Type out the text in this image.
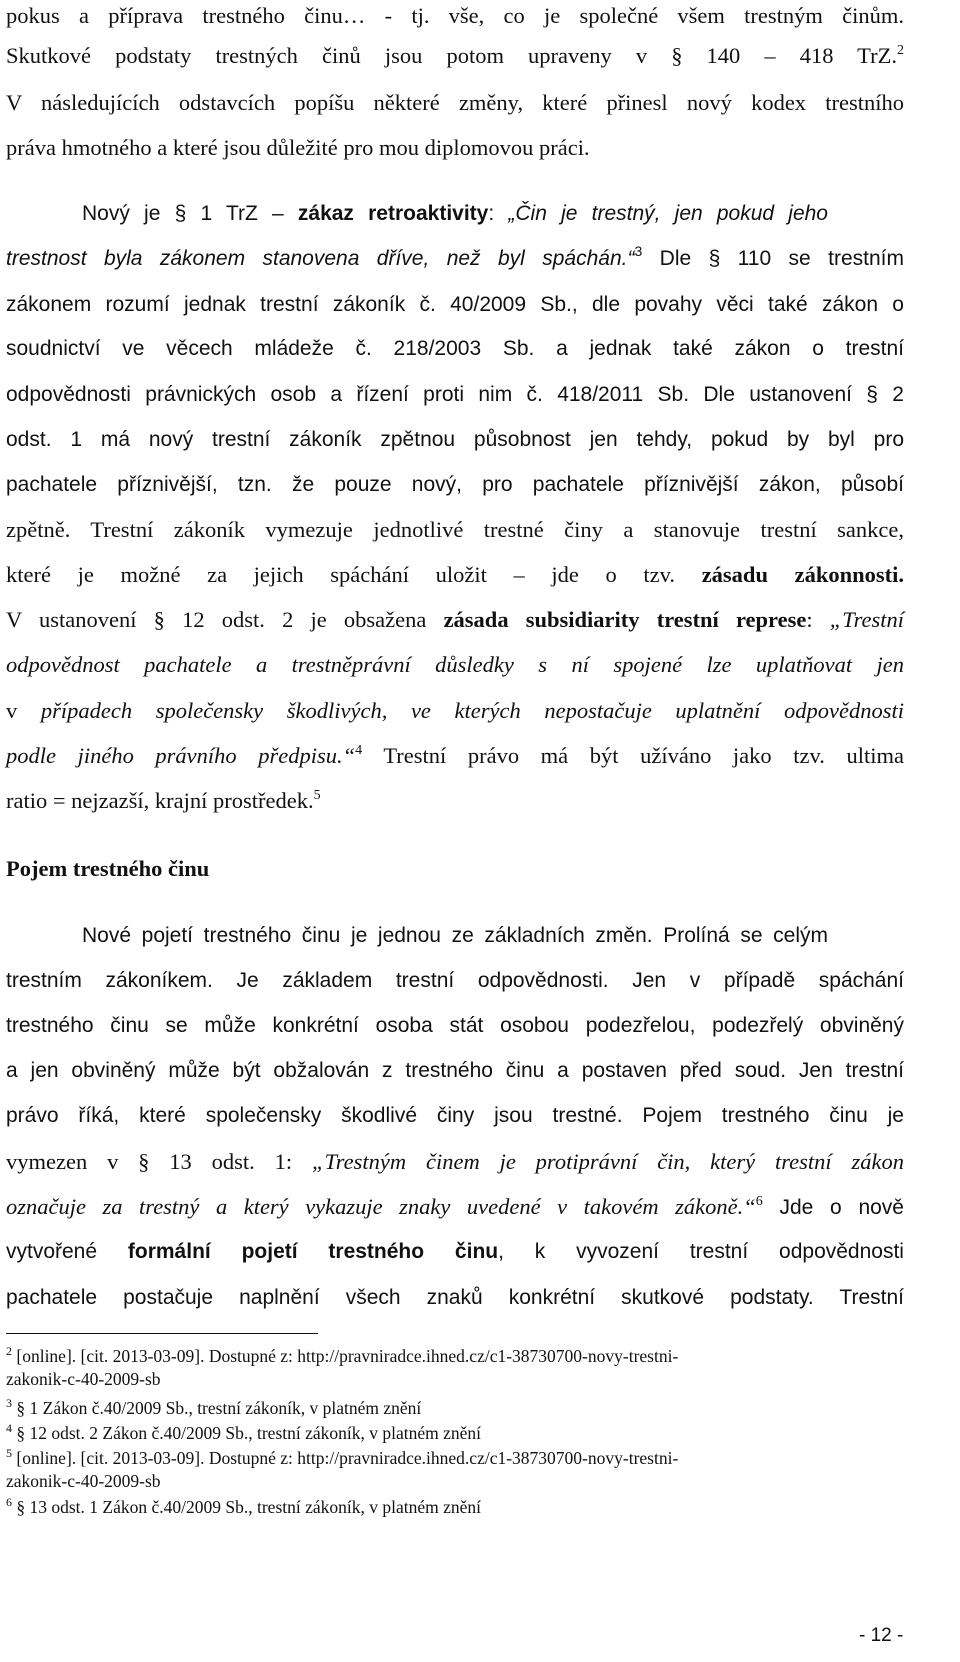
pokus a příprava trestného činu… - tj. vše, co je společné všem trestným činům.
Skutkové podstaty trestných činů jsou potom upraveny v § 140 – 418 TrZ.$^2$
V následujících odstavcích popíšu některé změny, které přinesl nový kodex trestního
práva hmotného a které jsou důležité pro mou diplomovou práci.
Nový je § 1 TrZ – zákaz retroaktivity: „Čin je trestný, jen pokud jeho
trestnost byla zákonem stanovena dříve, než byl spáchán.“$^3$ Dle § 110 se trestním
zákonem rozumí jednak trestní zákoník č. 40/2009 Sb., dle povahy věci také zákon o
soudnictví ve věcech mládeže č. 218/2003 Sb. a jednak také zákon o trestní
odpovědnosti právnických osob a řízení proti nim č. 418/2011 Sb. Dle ustanovení § 2
odst. 1 má nový trestní zákoník zpětnou působnost jen tehdy, pokud by byl pro
pachatele příznivější, tzn. že pouze nový, pro pachatele příznivější zákon, působí
zpětně. Trestní zákoník vymezuje jednotlivé trestné činy a stanovuje trestní sankce,
které je možné za jejich spáchání uložit – jde o tzv. zásadu zákonnosti.
V ustanovení § 12 odst. 2 je obsažena zásada subsidiarity trestní represe: „Trestní
odpovědnost pachatele a trestněprávní důsledky s ní spojené lze uplatňovat jen
v případech společensky škodlivých, ve kterých nepostačuje uplatnění odpovědnosti
podle jiného právního předpisu.“$^4$ Trestní právo má být užíváno jako tzv. ultima
ratio = nejzazší, krajní prostředek.$^5$
Pojem trestného činu
Nové pojetí trestného činu je jednou ze základních změn. Prolíná se celým
trestním zákoníkem. Je základem trestní odpovědnosti. Jen v případě spáchání
trestného činu se může konkrétní osoba stát osobou podezřelou, podezřelý obviněný
a jen obviněný může být obžalován z trestného činu a postaven před soud. Jen trestní
právo říká, které společensky škodlivé činy jsou trestné. Pojem trestného činu je
vymezen v § 13 odst. 1: „Trestným činem je protiprávní čin, který trestní zákon
označuje za trestný a který vykazuje znaky uvedené v takovém zákoně.“$^6$ Jde o nově
vytvořené formální pojetí trestného činu, k vyvození trestní odpovědnosti
pachatele postačuje naplnění všech znaků konkrétní skutkové podstaty. Trestní
$^2$ [online]. [cit. 2013-03-09]. Dostupné z: http://pravniradce.ihned.cz/c1-38730700-novy-trestni-
zakonik-c-40-2009-sb
$^3$ § 1 Zákon č.40/2009 Sb., trestní zákoník, v platném znění
$^4$ § 12 odst. 2 Zákon č.40/2009 Sb., trestní zákoník, v platném znění
$^5$ [online]. [cit. 2013-03-09]. Dostupné z: http://pravniradce.ihned.cz/c1-38730700-novy-trestni-
zakonik-c-40-2009-sb
$^6$ § 13 odst. 1 Zákon č.40/2009 Sb., trestní zákoník, v platném znění
- 12 -
